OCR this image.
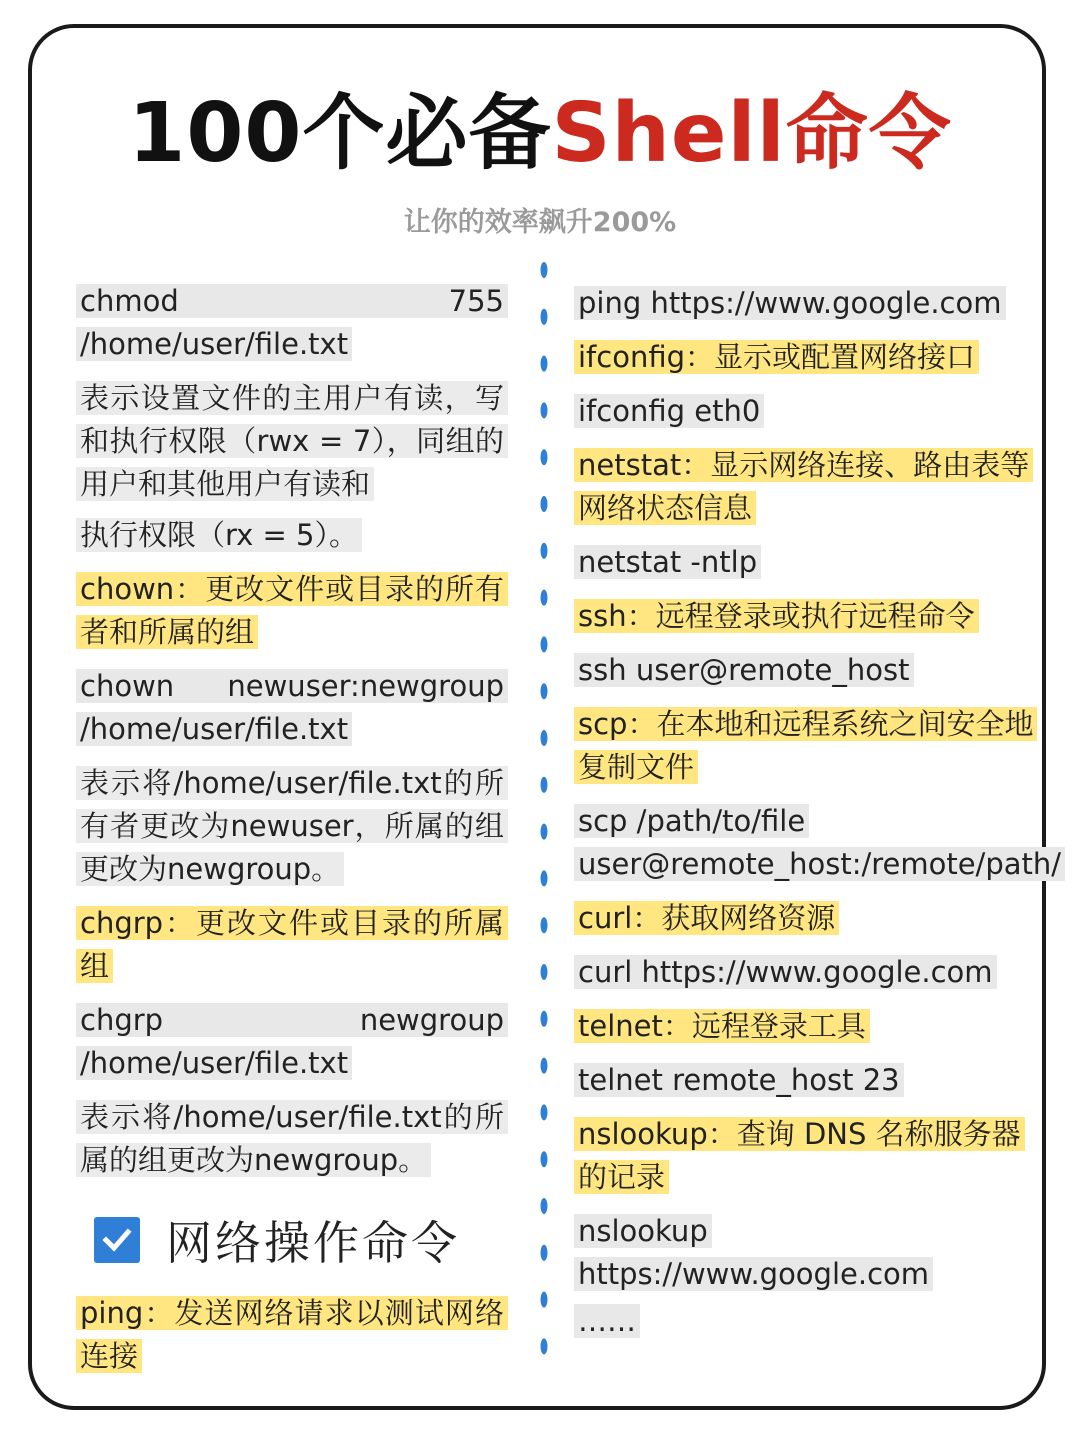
100个必备Shell命令
让你的效率飙升200%
chmod 755 /home/user/file.txt
表示设置文件的主用户有读，写和执行权限（rwx = 7），同组的用户和其他用户有读和
执行权限（rx = 5）。
chown：更改文件或目录的所有者和所属的组
chown newuser:newgroup /home/user/file.txt
表示将/home/user/file.txt的所有者更改为newuser，所属的组更改为newgroup。
chgrp：更改文件或目录的所属组
chgrp newgroup /home/user/file.txt
表示将/home/user/file.txt的所属的组更改为newgroup。
网络操作命令
ping：发送网络请求以测试网络连接
ping https://www.google.com
ifconfig：显示或配置网络接口
ifconfig eth0
netstat：显示网络连接、路由表等网络状态信息
netstat -ntlp
ssh：远程登录或执行远程命令
ssh user@remote_host
scp：在本地和远程系统之间安全地复制文件
scp /path/to/file user@remote_host:/remote/path/
curl：获取网络资源
curl https://www.google.com
telnet：远程登录工具
telnet remote_host 23
nslookup：查询 DNS 名称服务器的记录
nslookup https://www.google.com
……
